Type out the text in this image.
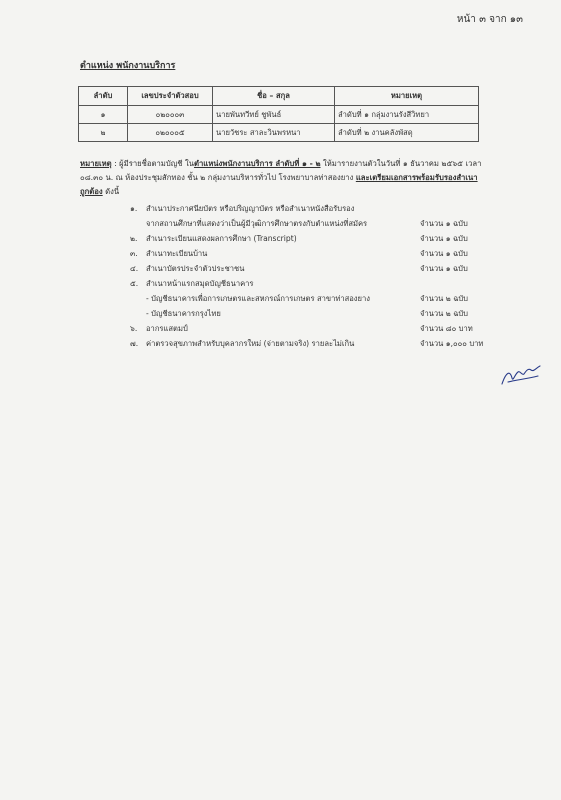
หน้า ๓ จาก ๑๓
ตำแหน่ง พนักงานบริการ
ลำดับ	เลขประจำตัวสอบ	ชื่อ – สกุล	หมายเหตุ
๑	๐๒๐๐๐๓	นายพันทวีทย์ ชูพันธ์	ลำดับที่ ๑ กลุ่มงานรังสีวิทยา
๒	๐๒๐๐๐๕	นายวัชระ สาละวินพรหนา	ลำดับที่ ๒ งานคลังพัสดุ
หมายเหตุ : ผู้มีรายชื่อตามบัญชี ในตำแหน่งพนักงานบริการ ลำดับที่ ๑ - ๒ ให้มารายงานตัวในวันที่ ๑ ธันวาคม ๒๕๖๕ เวลา ๐๘.๓๐ น. ณ ห้องประชุมสักทอง ชั้น ๒ กลุ่มงานบริหารทั่วไป โรงพยาบาลท่าสองยาง และเตรียมเอกสารพร้อมรับรองสำเนาถูกต้อง ดังนี้
๑.	สำเนาประกาศนียบัตร หรือปริญญาบัตร หรือสำเนาหนังสือรับรอง
จากสถานศึกษาที่แสดงว่าเป็นผู้มีวุฒิการศึกษาตรงกับตำแหน่งที่สมัคร	จำนวน ๑ ฉบับ
๒.	สำเนาระเบียนแสดงผลการศึกษา (Transcript)	จำนวน ๑ ฉบับ
๓.	สำเนาทะเบียนบ้าน	จำนวน ๑ ฉบับ
๔.	สำเนาบัตรประจำตัวประชาชน	จำนวน ๑ ฉบับ
๕.	สำเนาหน้าแรกสมุดบัญชีธนาคาร
- บัญชีธนาคารเพื่อการเกษตรและสหกรณ์การเกษตร สาขาท่าสองยาง	จำนวน ๒ ฉบับ
- บัญชีธนาคารกรุงไทย	จำนวน ๒ ฉบับ
๖.	อากรแสตมป์	จำนวน ๘๐ บาท
๗.	ค่าตรวจสุขภาพสำหรับบุคลากรใหม่ (จ่ายตามจริง) รายละไม่เกิน	จำนวน ๑,๐๐๐ บาท
